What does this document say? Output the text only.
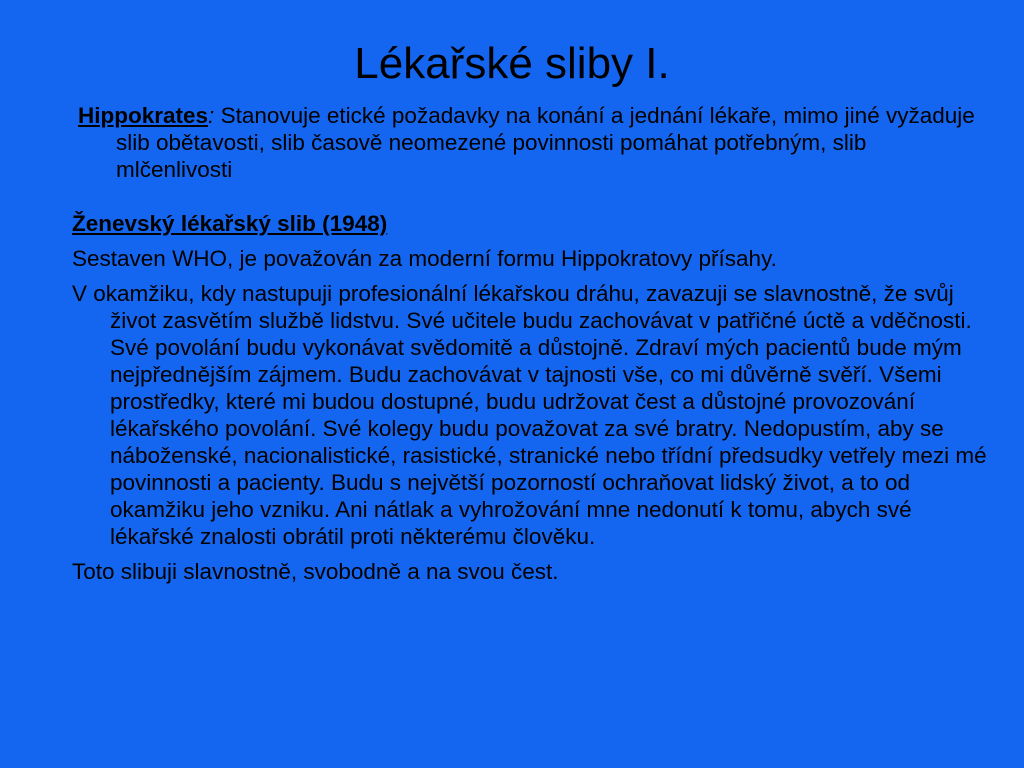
Lékařské sliby I.

Hippokrates: Stanovuje etické požadavky na konání a jednání lékaře, mimo jiné vyžaduje slib obětavosti, slib časově neomezené povinnosti pomáhat potřebným, slib mlčenlivosti

Ženevský lékařský slib (1948)

Sestaven WHO, je považován za moderní formu Hippokratovy přísahy.

V okamžiku, kdy nastupuji profesionální lékařskou dráhu, zavazuji se slavnostně, že svůj život zasvětím službě lidstvu. Své učitele budu zachovávat v patřičné úctě a vděčnosti. Své povolání budu vykonávat svědomitě a důstojně. Zdraví mých pacientů bude mým nejpřednějším zájmem. Budu zachovávat v tajnosti vše, co mi důvěrně svěří. Všemi prostředky, které mi budou dostupné, budu udržovat čest a důstojné provozování lékařského povolání. Své kolegy budu považovat za své bratry. Nedopustím, aby se náboženské, nacionalistické, rasistické, stranické nebo třídní předsudky vetřely mezi mé povinnosti a pacienty. Budu s největší pozorností ochraňovat lidský život, a to od okamžiku jeho vzniku. Ani nátlak a vyhrožování mne nedonutí k tomu, abych své lékařské znalosti obrátil proti některému člověku.

Toto slibuji slavnostně, svobodně a na svou čest.
